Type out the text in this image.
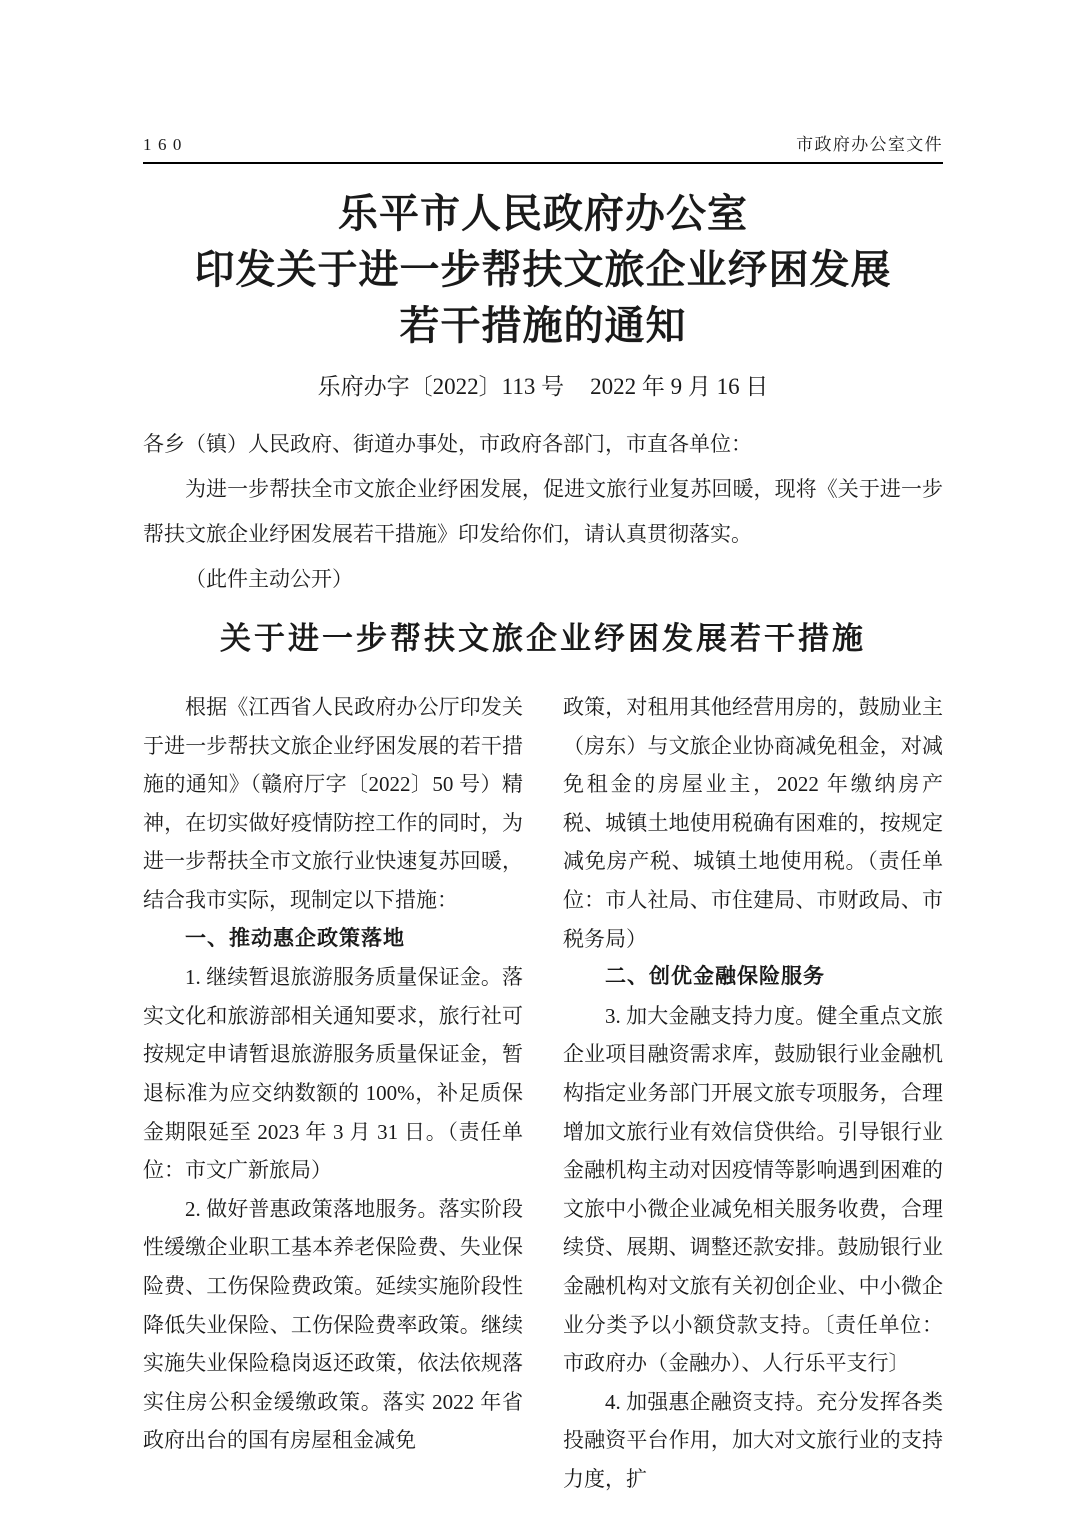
160	市政府办公室文件
乐平市人民政府办公室
印发关于进一步帮扶文旅企业纾困发展
若干措施的通知
乐府办字〔2022〕113 号 2022 年 9 月 16 日

各乡（镇）人民政府、街道办事处，市政府各部门，市直各单位：

为进一步帮扶全市文旅企业纾困发展，促进文旅行业复苏回暖，现将《关于进一步帮扶文旅企业纾困发展若干措施》印发给你们，请认真贯彻落实。

（此件主动公开）

关于进一步帮扶文旅企业纾困发展若干措施

根据《江西省人民政府办公厅印发关于进一步帮扶文旅企业纾困发展的若干措施的通知》（赣府厅字〔2022〕50 号）精神，在切实做好疫情防控工作的同时，为进一步帮扶全市文旅行业快速复苏回暖，结合我市实际，现制定以下措施：

一、推动惠企政策落地

1. 继续暂退旅游服务质量保证金。落实文化和旅游部相关通知要求，旅行社可按规定申请暂退旅游服务质量保证金，暂退标准为应交纳数额的 100%，补足质保金期限延至 2023 年 3 月 31 日。（责任单位：市文广新旅局）

2. 做好普惠政策落地服务。落实阶段性缓缴企业职工基本养老保险费、失业保险费、工伤保险费政策。延续实施阶段性降低失业保险、工伤保险费率政策。继续实施失业保险稳岗返还政策，依法依规落实住房公积金缓缴政策。落实 2022 年省政府出台的国有房屋租金减免

政策，对租用其他经营用房的，鼓励业主（房东）与文旅企业协商减免租金，对减免租金的房屋业主，2022 年缴纳房产税、城镇土地使用税确有困难的，按规定减免房产税、城镇土地使用税。（责任单位：市人社局、市住建局、市财政局、市税务局）

二、创优金融保险服务

3. 加大金融支持力度。健全重点文旅企业项目融资需求库，鼓励银行业金融机构指定业务部门开展文旅专项服务，合理增加文旅行业有效信贷供给。引导银行业金融机构主动对因疫情等影响遇到困难的文旅中小微企业减免相关服务收费，合理续贷、展期、调整还款安排。鼓励银行业金融机构对文旅有关初创企业、中小微企业分类予以小额贷款支持。〔责任单位：市政府办（金融办）、人行乐平支行〕

4. 加强惠企融资支持。充分发挥各类投融资平台作用，加大对文旅行业的支持力度，扩
